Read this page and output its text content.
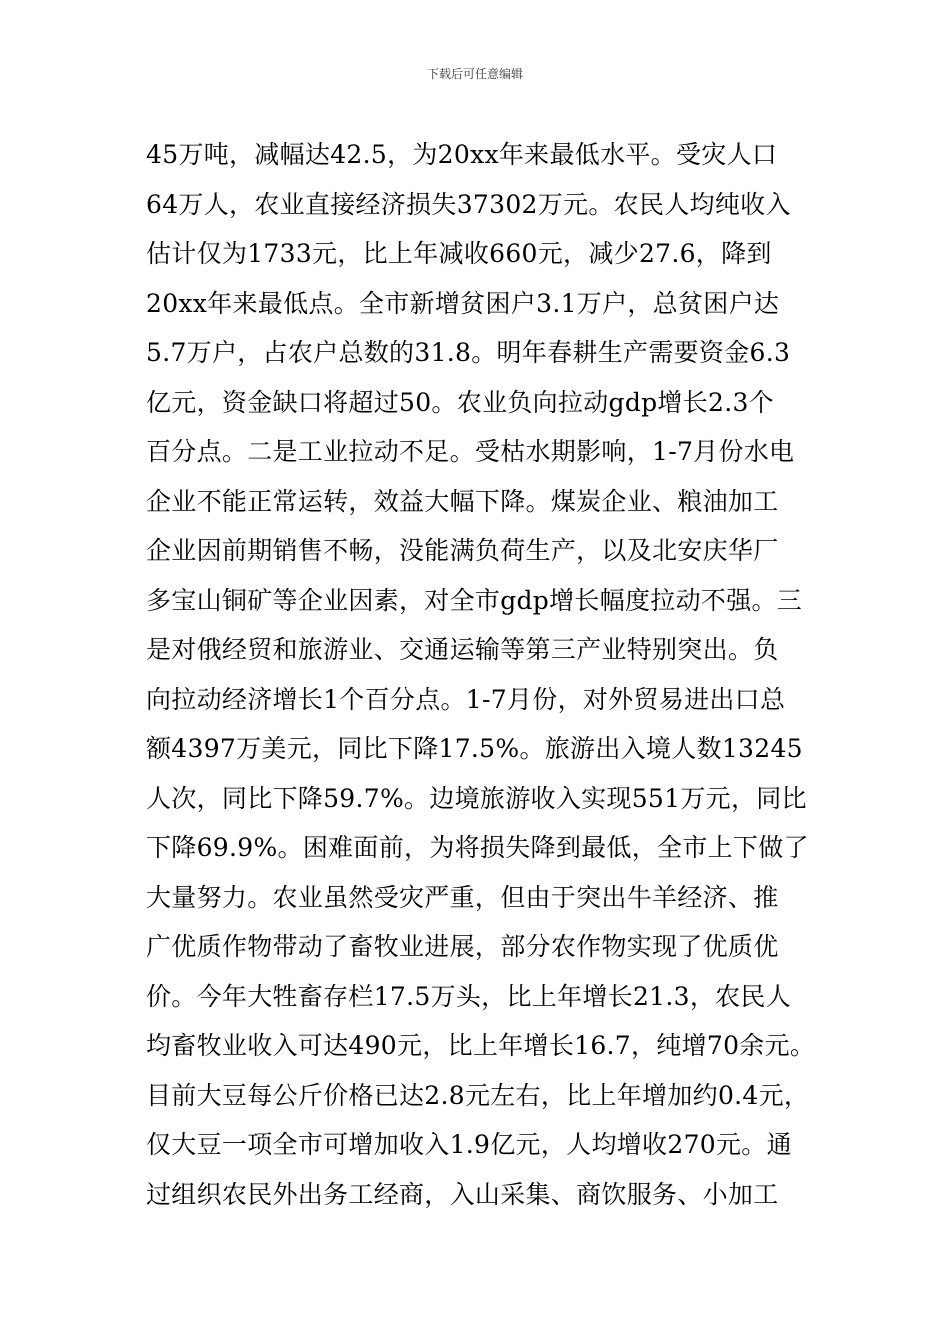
下载后可任意编辑
45万吨，减幅达42.5，为20xx年来最低水平。受灾人口
64万人，农业直接经济损失37302万元。农民人均纯收入
估计仅为1733元，比上年减收660元，减少27.6，降到
20xx年来最低点。全市新增贫困户3.1万户，总贫困户达
5.7万户，占农户总数的31.8。明年春耕生产需要资金6.3
亿元，资金缺口将超过50。农业负向拉动gdp增长2.3个
百分点。二是工业拉动不足。受枯水期影响，1-7月份水电
企业不能正常运转，效益大幅下降。煤炭企业、粮油加工
企业因前期销售不畅，没能满负荷生产，以及北安庆华厂
多宝山铜矿等企业因素，对全市gdp增长幅度拉动不强。三
是对俄经贸和旅游业、交通运输等第三产业特别突出。负
向拉动经济增长1个百分点。1-7月份，对外贸易进出口总
额4397万美元，同比下降17.5%。旅游出入境人数13245
人次，同比下降59.7%。边境旅游收入实现551万元，同比
下降69.9%。困难面前，为将损失降到最低，全市上下做了
大量努力。农业虽然受灾严重，但由于突出牛羊经济、推
广优质作物带动了畜牧业进展，部分农作物实现了优质优
价。今年大牲畜存栏17.5万头，比上年增长21.3，农民人
均畜牧业收入可达490元，比上年增长16.7，纯增70余元。
目前大豆每公斤价格已达2.8元左右，比上年增加约0.4元，
仅大豆一项全市可增加收入1.9亿元，人均增收270元。通
过组织农民外出务工经商，入山采集、商饮服务、小加工
